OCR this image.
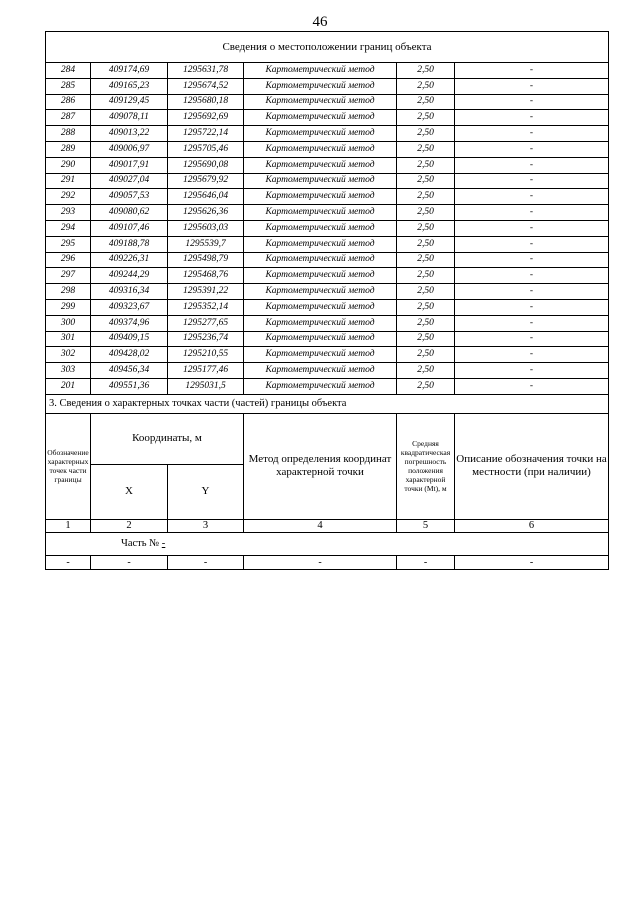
46
Сведения о местоположении границ объекта					
284	409174,69	1295631,78	Картометрический метод	2,50	-
285	409165,23	1295674,52	Картометрический метод	2,50	-
286	409129,45	1295680,18	Картометрический метод	2,50	-
287	409078,11	1295692,69	Картометрический метод	2,50	-
288	409013,22	1295722,14	Картометрический метод	2,50	-
289	409006,97	1295705,46	Картометрический метод	2,50	-
290	409017,91	1295690,08	Картометрический метод	2,50	-
291	409027,04	1295679,92	Картометрический метод	2,50	-
292	409057,53	1295646,04	Картометрический метод	2,50	-
293	409080,62	1295626,36	Картометрический метод	2,50	-
294	409107,46	1295603,03	Картометрический метод	2,50	-
295	409188,78	1295539,7	Картометрический метод	2,50	-
296	409226,31	1295498,79	Картометрический метод	2,50	-
297	409244,29	1295468,76	Картометрический метод	2,50	-
298	409316,34	1295391,22	Картометрический метод	2,50	-
299	409323,67	1295352,14	Картометрический метод	2,50	-
300	409374,96	1295277,65	Картометрический метод	2,50	-
301	409409,15	1295236,74	Картометрический метод	2,50	-
302	409428,02	1295210,55	Картометрический метод	2,50	-
303	409456,34	1295177,46	Картометрический метод	2,50	-
201	409551,36	1295031,5	Картометрический метод	2,50	-
3. Сведения о характерных точках части (частей) границы объекта					
Обозначение характерных точек части границы	Координаты, м		Метод определения координат характерной точки	Средняя квадратическая погрешность положения характерной точки (Mt), м	Описание обозначения точки на местности (при наличии)
	X	Y			
1	2	3	4	5	6
Часть № -					
-	-	-	-	-	-
